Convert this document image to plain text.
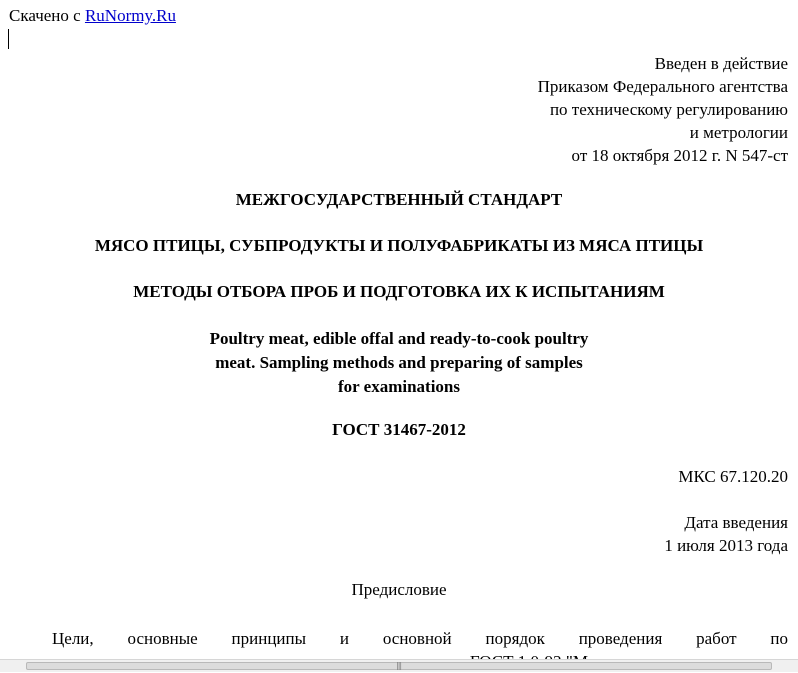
Скачено с RuNormy.Ru
Введен в действие
Приказом Федерального агентства
по техническому регулированию
и метрологии
от 18 октября 2012 г. N 547-ст
МЕЖГОСУДАРСТВЕННЫЙ СТАНДАРТ
МЯСО ПТИЦЫ, СУБПРОДУКТЫ И ПОЛУФАБРИКАТЫ ИЗ МЯСА ПТИЦЫ
МЕТОДЫ ОТБОРА ПРОБ И ПОДГОТОВКА ИХ К ИСПЫТАНИЯМ
Poultry meat, edible offal and ready-to-cook poultry
meat. Sampling methods and preparing of samples
for examinations
ГОСТ 31467-2012
МКС 67.120.20
Дата введения
1 июля 2013 года
Предисловие
Цели, основные принципы и основной порядок проведения работ по
|||
